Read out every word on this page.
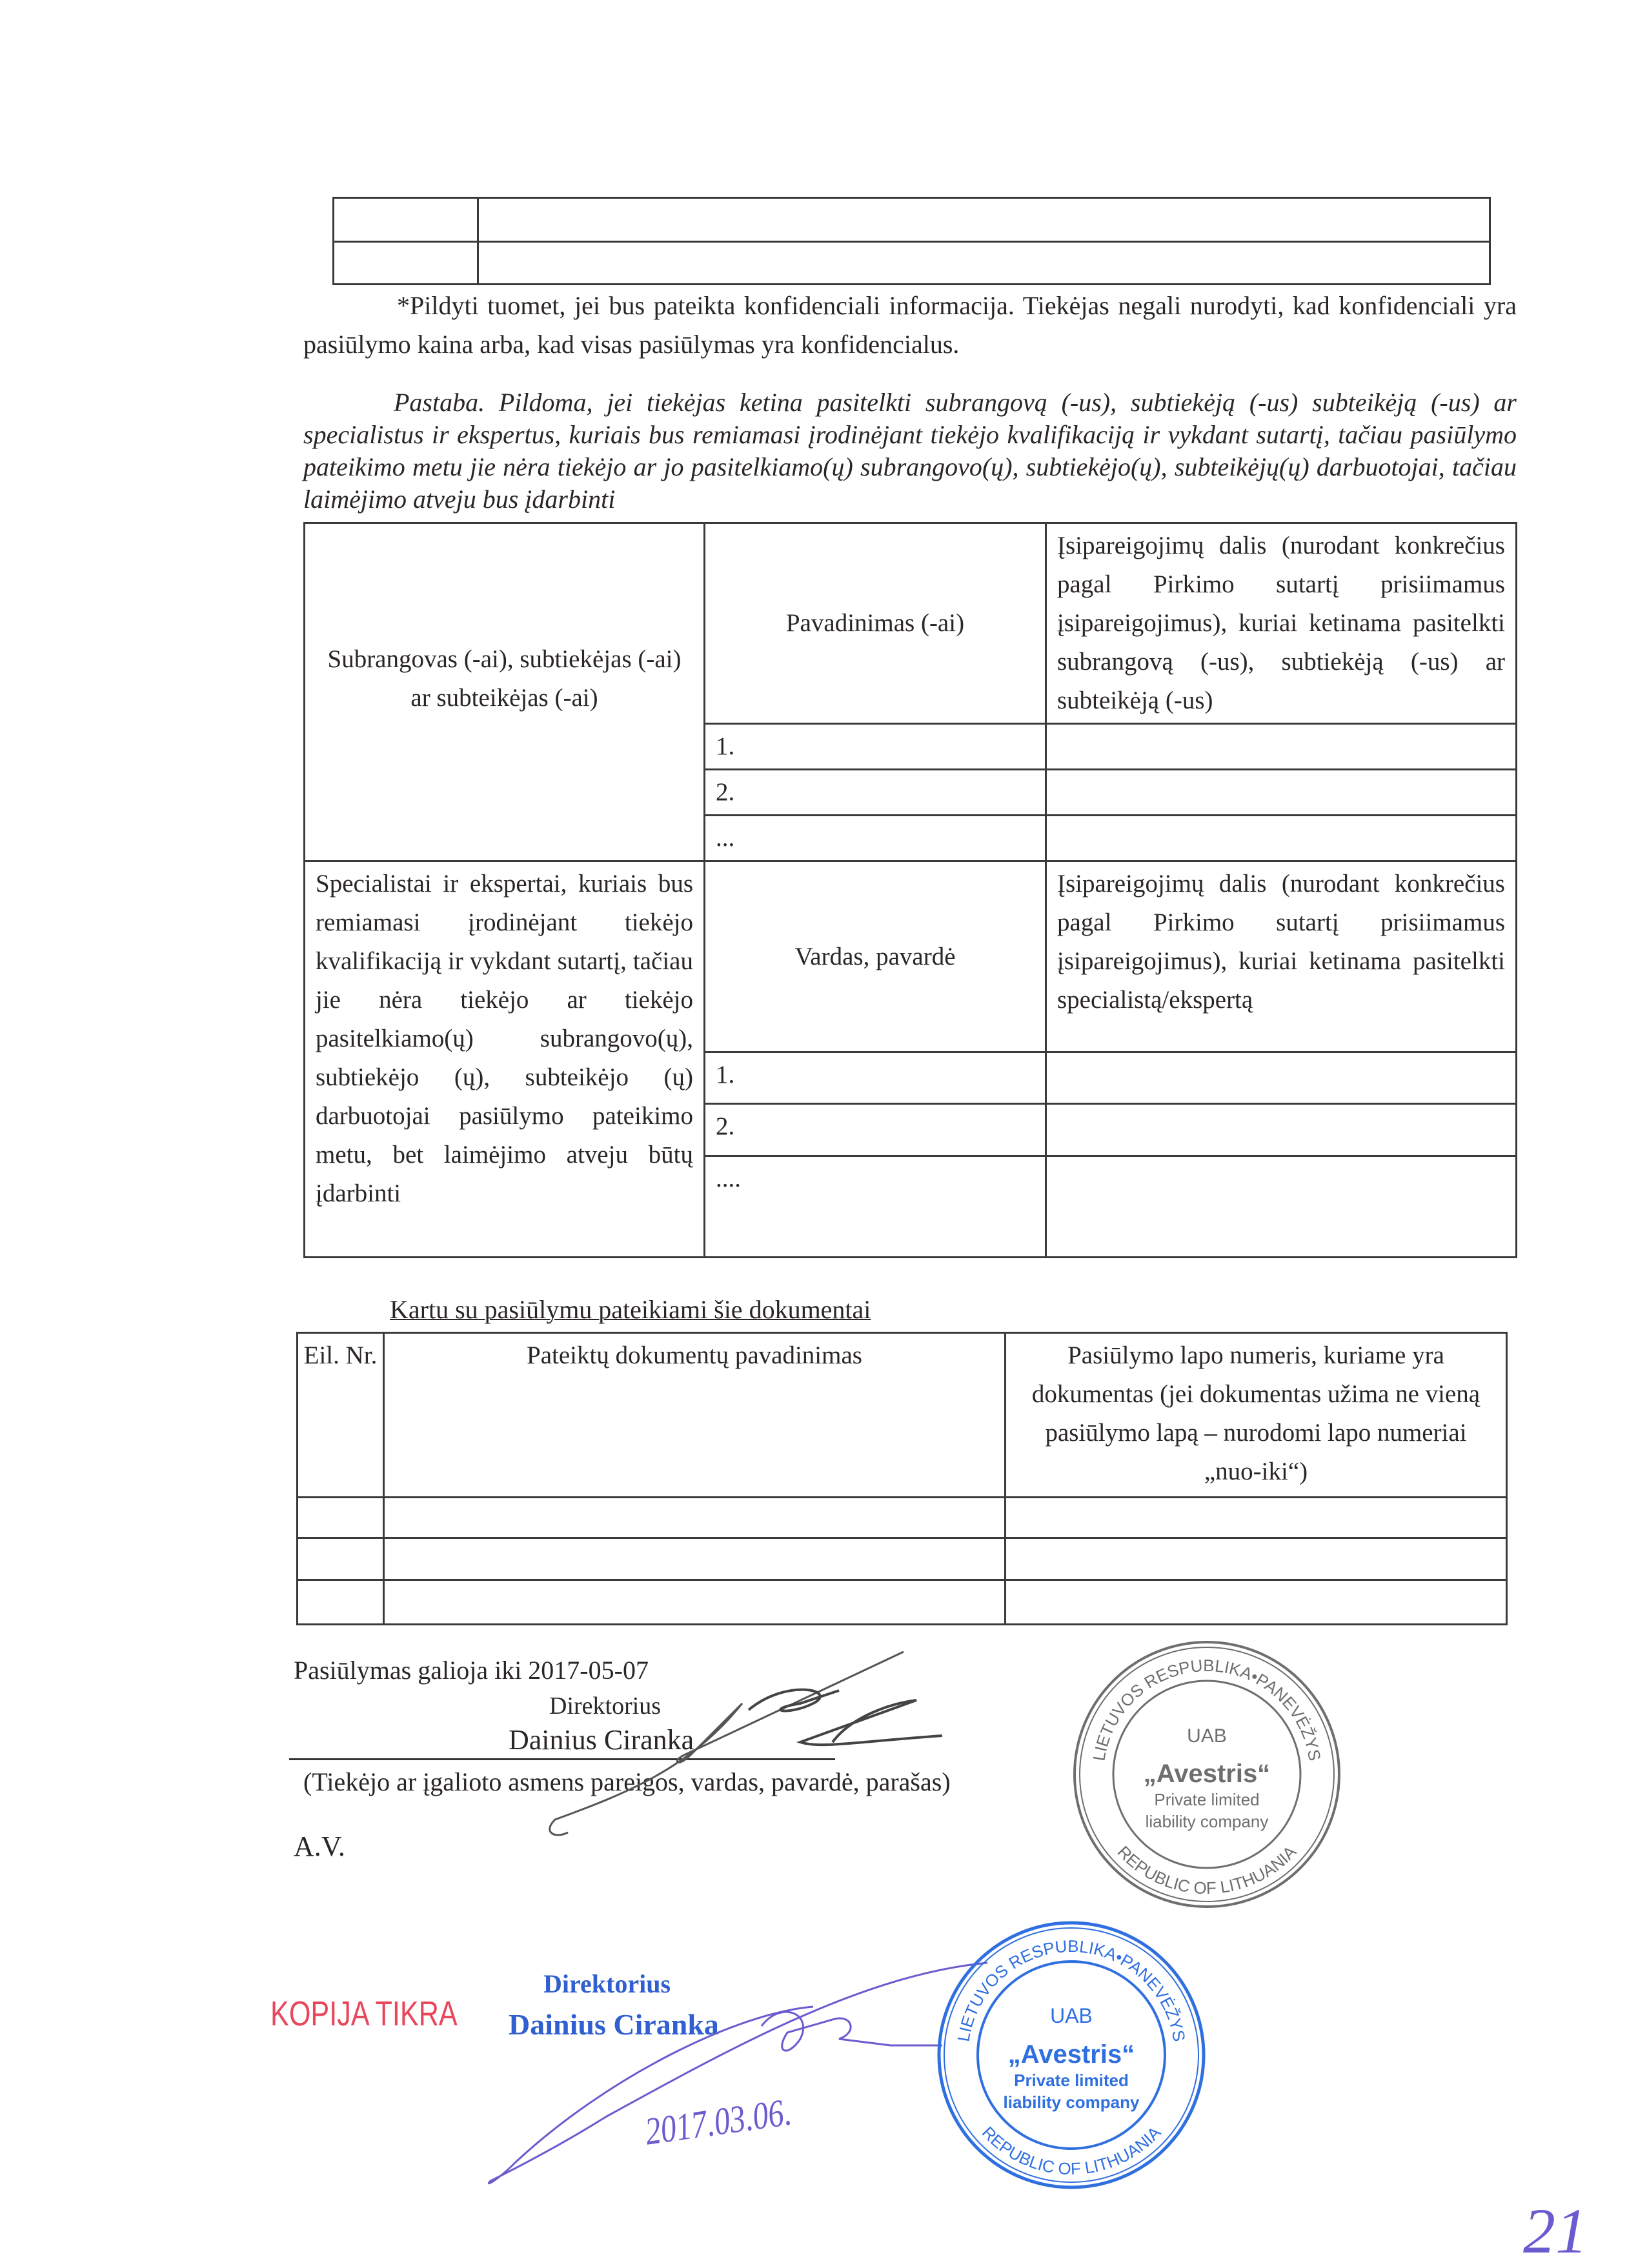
*Pildyti tuomet, jei bus pateikta konfidenciali informacija. Tiekėjas negali nurodyti, kad konfidenciali yra pasiūlymo kaina arba, kad visas pasiūlymas yra konfidencialus.
Pastaba. Pildoma, jei tiekėjas ketina pasitelkti subrangovą (-us), subtiekėją (-us) subteikėją (-us) ar specialistus ir ekspertus, kuriais bus remiamasi įrodinėjant tiekėjo kvalifikaciją ir vykdant sutartį, tačiau pasiūlymo pateikimo metu jie nėra tiekėjo ar jo pasitelkiamo(ų) subrangovo(ų), subtiekėjo(ų), subteikėjų(ų) darbuotojai, tačiau laimėjimo atveju bus įdarbinti
Subrangovas (-ai), subtiekėjas (-ai) ar subteikėjas (-ai)	Pavadinimas (-ai)	Įsipareigojimų dalis (nurodant konkrečius pagal Pirkimo sutartį prisiimamus įsipareigojimus), kuriai ketinama pasitelkti subrangovą (-us), subtiekėją (-us) ar subteikėją (-us)
	1.	
	2.	
	...	
Specialistai ir ekspertai, kuriais bus remiamasi įrodinėjant tiekėjo kvalifikaciją ir vykdant sutartį, tačiau jie nėra tiekėjo ar tiekėjo pasitelkiamo(ų) subrangovo(ų), subtiekėjo (ų), subteikėjo (ų) darbuotojai pasiūlymo pateikimo metu, bet laimėjimo atveju būtų įdarbinti	Vardas, pavardė	Įsipareigojimų dalis (nurodant konkrečius pagal Pirkimo sutartį prisiimamus įsipareigojimus), kuriai ketinama pasitelkti specialistą/ekspertą
	1.	
	2.	
	....	
Kartu su pasiūlymu pateikiami šie dokumentai
Eil. Nr.	Pateiktų dokumentų pavadinimas	Pasiūlymo lapo numeris, kuriame yra dokumentas (jei dokumentas užima ne vieną pasiūlymo lapą – nurodomi lapo numeriai „nuo-iki“)

Pasiūlymas galioja iki 2017-05-07
Direktorius
Dainius Ciranka
(Tiekėjo ar įgalioto asmens pareigos, vardas, pavardė, parašas)
A.V.
LIETUVOS RESPUBLIKA•PANEVĖŽYS
REPUBLIC OF LITHUANIA
UAB
„Avestris“
Private limited
liability company
KOPIJA TIKRA
Direktorius
Dainius Ciranka
2017.03.06.
LIETUVOS RESPUBLIKA•PANEVĖŽYS
REPUBLIC OF LITHUANIA
UAB
„Avestris“
Private limited
liability company
21
